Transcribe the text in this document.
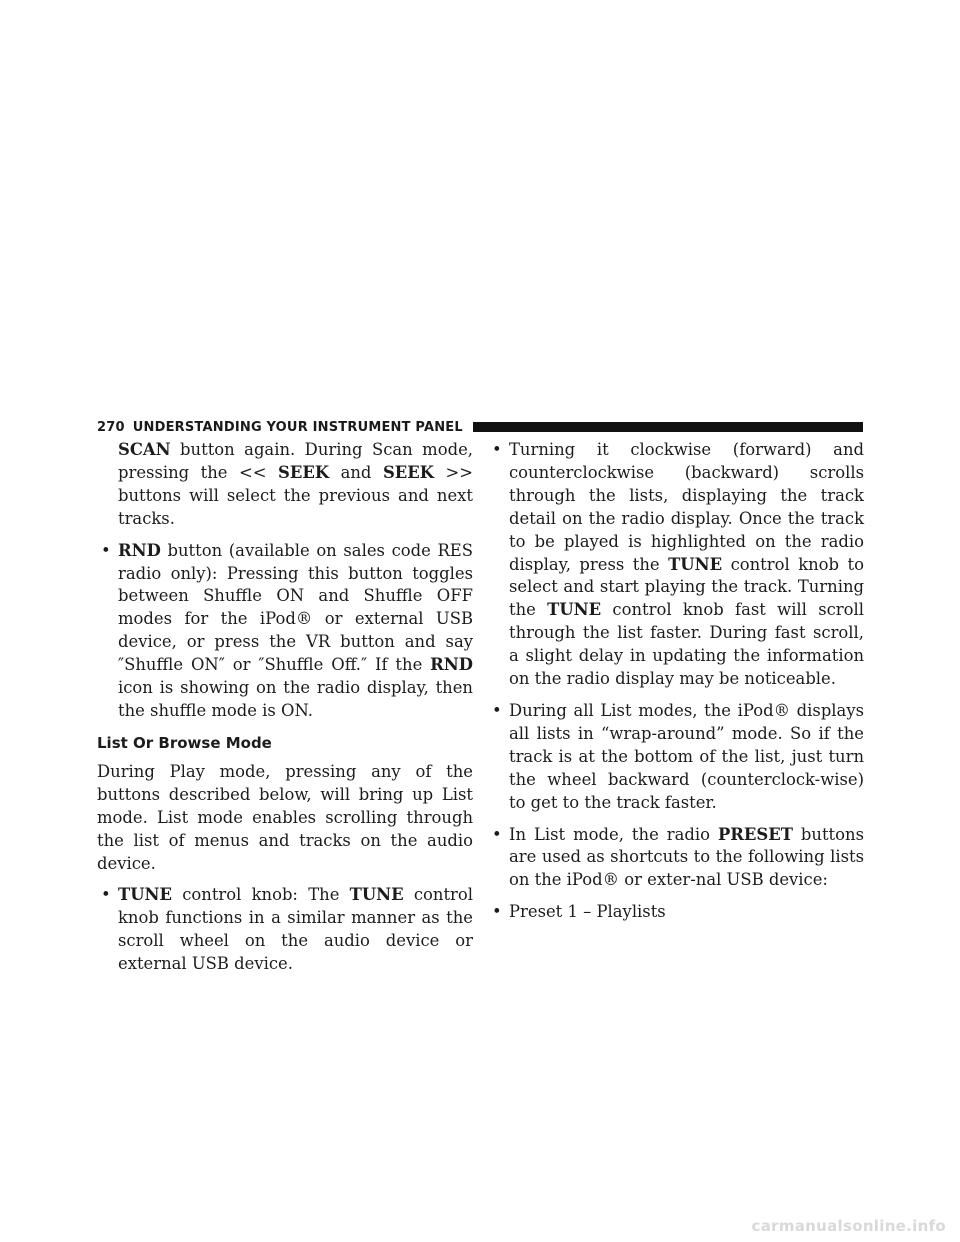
270 UNDERSTANDING YOUR INSTRUMENT PANEL

SCAN button again. During Scan mode, pressing the << SEEK and SEEK >> buttons will select the previous and next tracks.

• RND button (available on sales code RES radio only): Pressing this button toggles between Shuffle ON and Shuffle OFF modes for the iPod® or external USB device, or press the VR button and say ″Shuffle ON″ or ″Shuffle Off.″ If the RND icon is showing on the radio display, then the shuffle mode is ON.

List Or Browse Mode

During Play mode, pressing any of the buttons described below, will bring up List mode. List mode enables scrolling through the list of menus and tracks on the audio device.

• TUNE control knob: The TUNE control knob functions in a similar manner as the scroll wheel on the audio device or external USB device.

• Turning it clockwise (forward) and counterclockwise (backward) scrolls through the lists, displaying the track detail on the radio display. Once the track to be played is highlighted on the radio display, press the TUNE control knob to select and start playing the track. Turning the TUNE control knob fast will scroll through the list faster. During fast scroll, a slight delay in updating the information on the radio display may be noticeable.

• During all List modes, the iPod® displays all lists in “wrap-around” mode. So if the track is at the bottom of the list, just turn the wheel backward (counterclock-wise) to get to the track faster.

• In List mode, the radio PRESET buttons are used as shortcuts to the following lists on the iPod® or exter-nal USB device:

• Preset 1 – Playlists

carmanualsonline.info
